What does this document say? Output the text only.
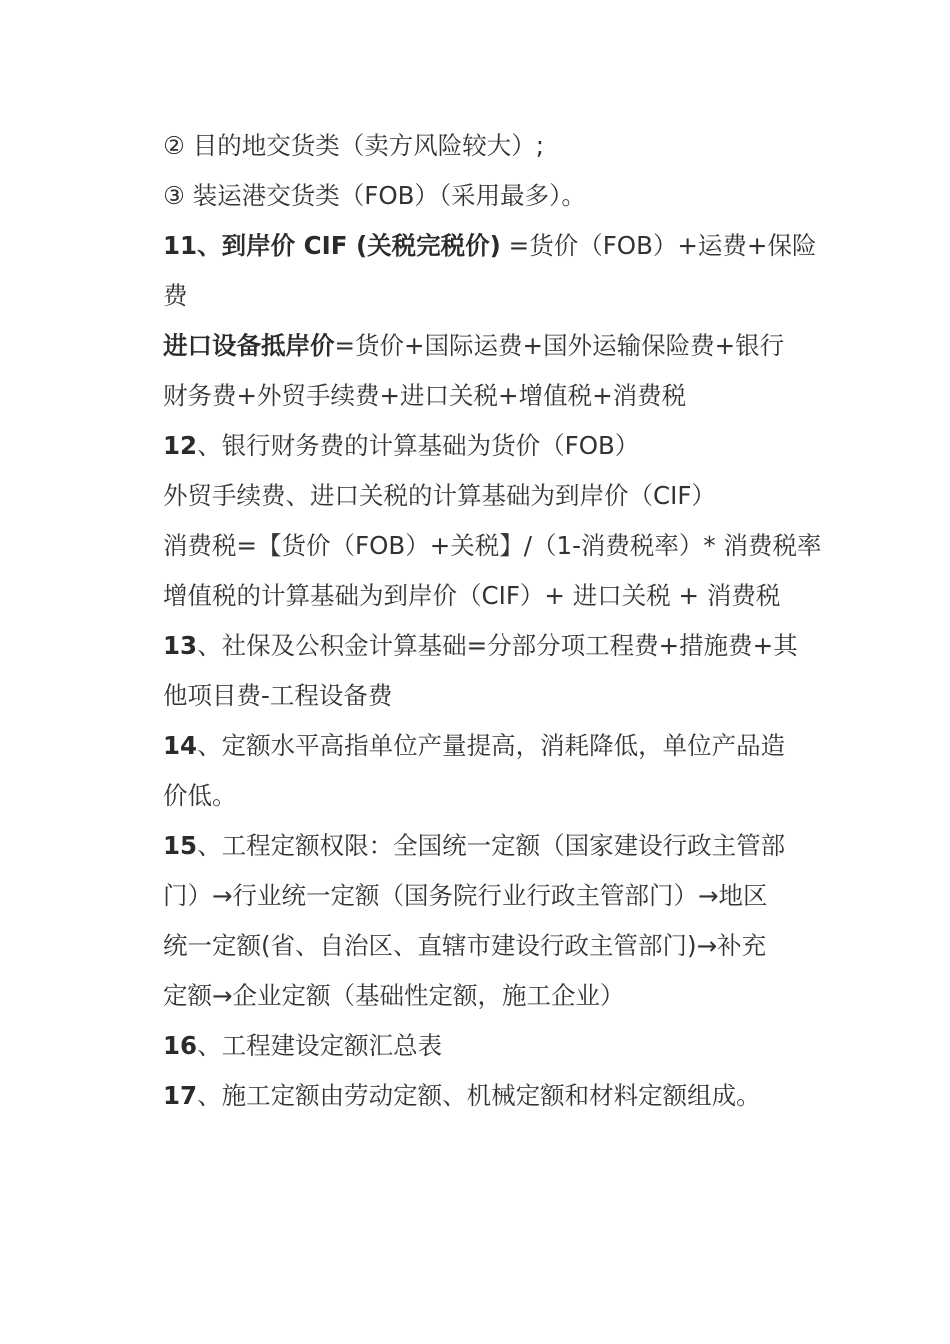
② 目的地交货类（卖方风险较大）;
③ 装运港交货类（FOB）（采用最多）。
11、到岸价 CIF (关税完税价) =货价（FOB）+运费+保险
费
进口设备抵岸价=货价+国际运费+国外运输保险费+银行
财务费+外贸手续费+进口关税+增值税+消费税
12、银行财务费的计算基础为货价（FOB）
外贸手续费、进口关税的计算基础为到岸价（CIF）
消费税=【货价（FOB）+关税】/（1-消费税率）* 消费税率
增值税的计算基础为到岸价（CIF）+ 进口关税 + 消费税
13、社保及公积金计算基础=分部分项工程费+措施费+其
他项目费-工程设备费
14、定额水平高指单位产量提高，消耗降低，单位产品造
价低。
15、工程定额权限：全国统一定额（国家建设行政主管部
门）→行业统一定额（国务院行业行政主管部门）→地区
统一定额(省、自治区、直辖市建设行政主管部门)→补充
定额→企业定额（基础性定额，施工企业）
16、工程建设定额汇总表
17、施工定额由劳动定额、机械定额和材料定额组成。
